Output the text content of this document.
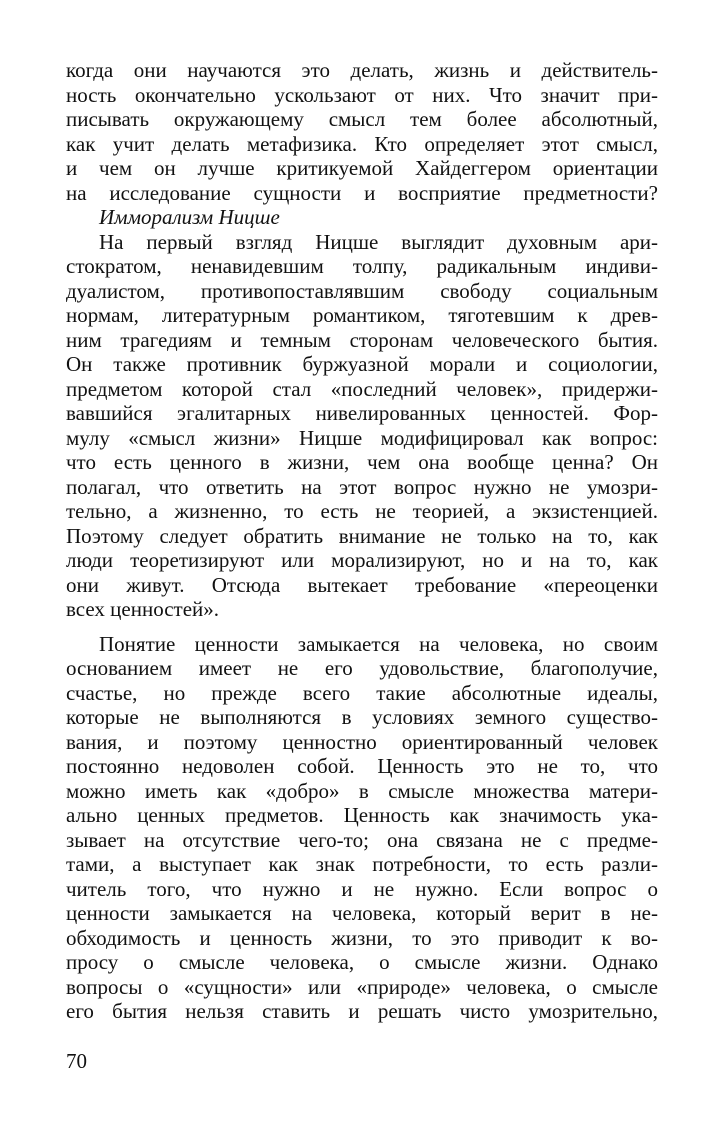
когда они научаются это делать, жизнь и действитель-
ность окончательно ускользают от них. Что значит при-
писывать окружающему смысл тем более абсолютный,
как учит делать метафизика. Кто определяет этот смысл,
и чем он лучше критикуемой Хайдеггером ориентации
на исследование сущности и восприятие предметности?
Имморализм Ницше
На первый взгляд Ницше выглядит духовным ари-
стократом, ненавидевшим толпу, радикальным индиви-
дуалистом, противопоставлявшим свободу социальным
нормам, литературным романтиком, тяготевшим к древ-
ним трагедиям и темным сторонам человеческого бытия.
Он также противник буржуазной морали и социологии,
предметом которой стал «последний человек», придержи-
вавшийся эгалитарных нивелированных ценностей. Фор-
мулу «смысл жизни» Ницше модифицировал как вопрос:
что есть ценного в жизни, чем она вообще ценна? Он
полагал, что ответить на этот вопрос нужно не умозри-
тельно, а жизненно, то есть не теорией, а экзистенцией.
Поэтому следует обратить внимание не только на то, как
люди теоретизируют или морализируют, но и на то, как
они живут. Отсюда вытекает требование «переоценки
всех ценностей».
Понятие ценности замыкается на человека, но своим
основанием имеет не его удовольствие, благополучие,
счастье, но прежде всего такие абсолютные идеалы,
которые не выполняются в условиях земного существо-
вания, и поэтому ценностно ориентированный человек
постоянно недоволен собой. Ценность это не то, что
можно иметь как «добро» в смысле множества матери-
ально ценных предметов. Ценность как значимость ука-
зывает на отсутствие чего-то; она связана не с предме-
тами, а выступает как знак потребности, то есть разли-
читель того, что нужно и не нужно. Если вопрос о
ценности замыкается на человека, который верит в не-
обходимость и ценность жизни, то это приводит к во-
просу о смысле человека, о смысле жизни. Однако
вопросы о «сущности» или «природе» человека, о смысле
его бытия нельзя ставить и решать чисто умозрительно,
70
